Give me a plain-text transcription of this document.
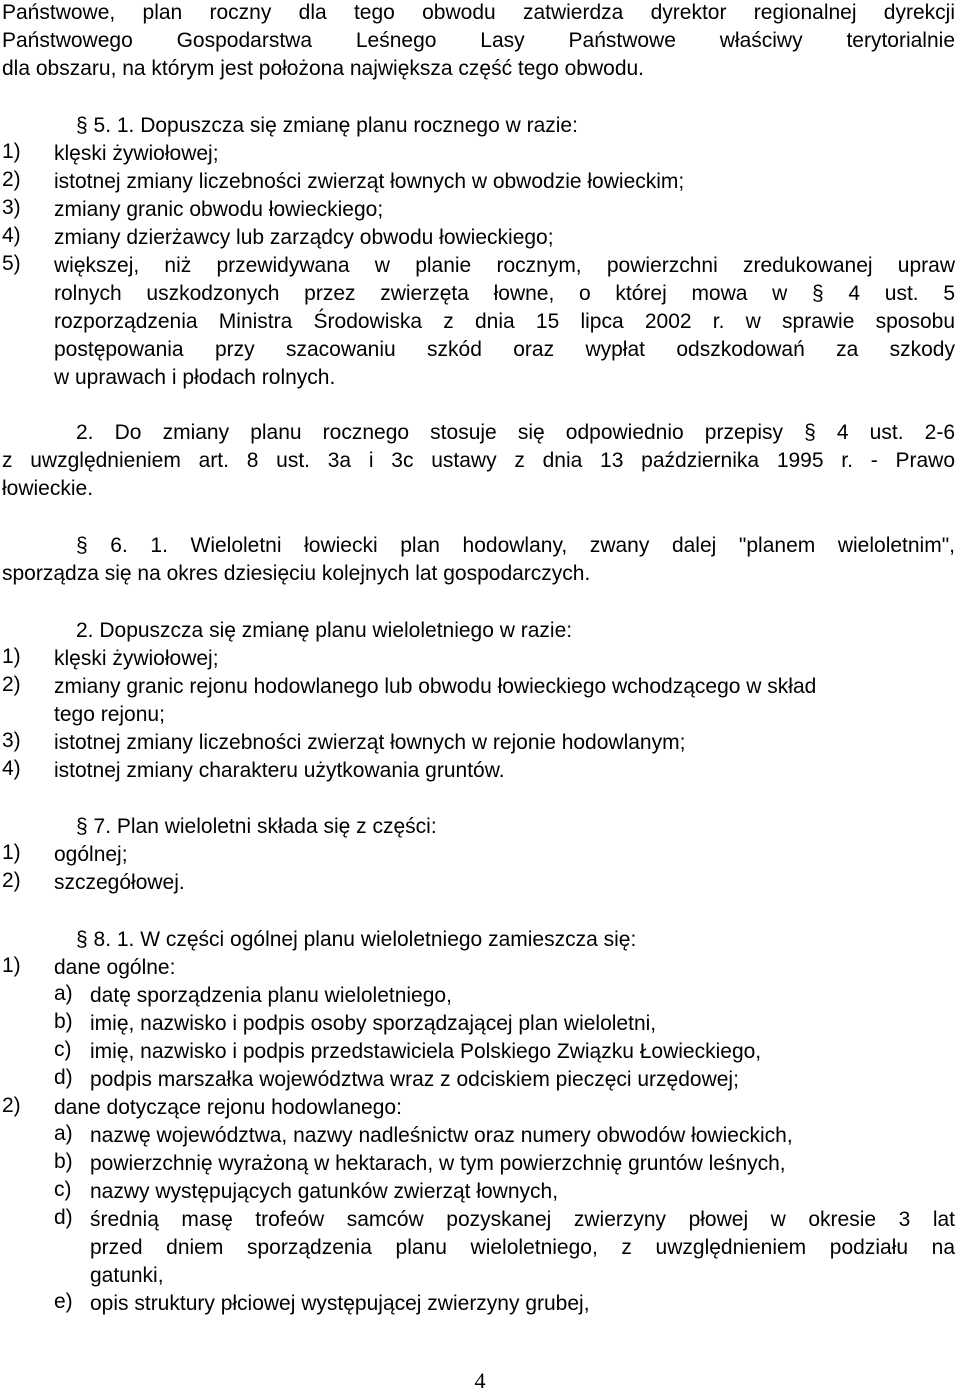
Państwowe, plan roczny dla tego obwodu zatwierdza dyrektor regionalnej dyrekcji

Państwowego Gospodarstwa Leśnego Lasy Państwowe właściwy terytorialnie

dla obszaru, na którym jest położona największa część tego obwodu.

§ 5. 1. Dopuszcza się zmianę planu rocznego w razie:

1) klęski żywiołowej;

2) istotnej zmiany liczebności zwierząt łownych w obwodzie łowieckim;

3) zmiany granic obwodu łowieckiego;

4) zmiany dzierżawcy lub zarządcy obwodu łowieckiego;

5) większej, niż przewidywana w planie rocznym, powierzchni zredukowanej upraw

rolnych uszkodzonych przez zwierzęta łowne, o której mowa w § 4 ust. 5

rozporządzenia Ministra Środowiska z dnia 15 lipca 2002 r. w sprawie sposobu

postępowania przy szacowaniu szkód oraz wypłat odszkodowań za szkody

w uprawach i płodach rolnych.

2. Do zmiany planu rocznego stosuje się odpowiednio przepisy § 4 ust. 2-6

z uwzględnieniem art. 8 ust. 3a i 3c ustawy z dnia 13 października 1995 r. - Prawo

łowieckie.

§ 6. 1. Wieloletni łowiecki plan hodowlany, zwany dalej "planem wieloletnim",

sporządza się na okres dziesięciu kolejnych lat gospodarczych.

2. Dopuszcza się zmianę planu wieloletniego w razie:

1) klęski żywiołowej;

2) zmiany granic rejonu hodowlanego lub obwodu łowieckiego wchodzącego w skład

tego rejonu;

3) istotnej zmiany liczebności zwierząt łownych w rejonie hodowlanym;

4) istotnej zmiany charakteru użytkowania gruntów.

§ 7. Plan wieloletni składa się z części:

1) ogólnej;

2) szczegółowej.

§ 8. 1. W części ogólnej planu wieloletniego zamieszcza się:

1) dane ogólne:

a) datę sporządzenia planu wieloletniego,

b) imię, nazwisko i podpis osoby sporządzającej plan wieloletni,

c) imię, nazwisko i podpis przedstawiciela Polskiego Związku Łowieckiego,

d) podpis marszałka województwa wraz z odciskiem pieczęci urzędowej;

2) dane dotyczące rejonu hodowlanego:

a) nazwę województwa, nazwy nadleśnictw oraz numery obwodów łowieckich,

b) powierzchnię wyrażoną w hektarach, w tym powierzchnię gruntów leśnych,

c) nazwy występujących gatunków zwierząt łownych,

d) średnią masę trofeów samców pozyskanej zwierzyny płowej w okresie 3 lat

przed dniem sporządzenia planu wieloletniego, z uwzględnieniem podziału na

gatunki,

e) opis struktury płciowej występującej zwierzyny grubej,

4
